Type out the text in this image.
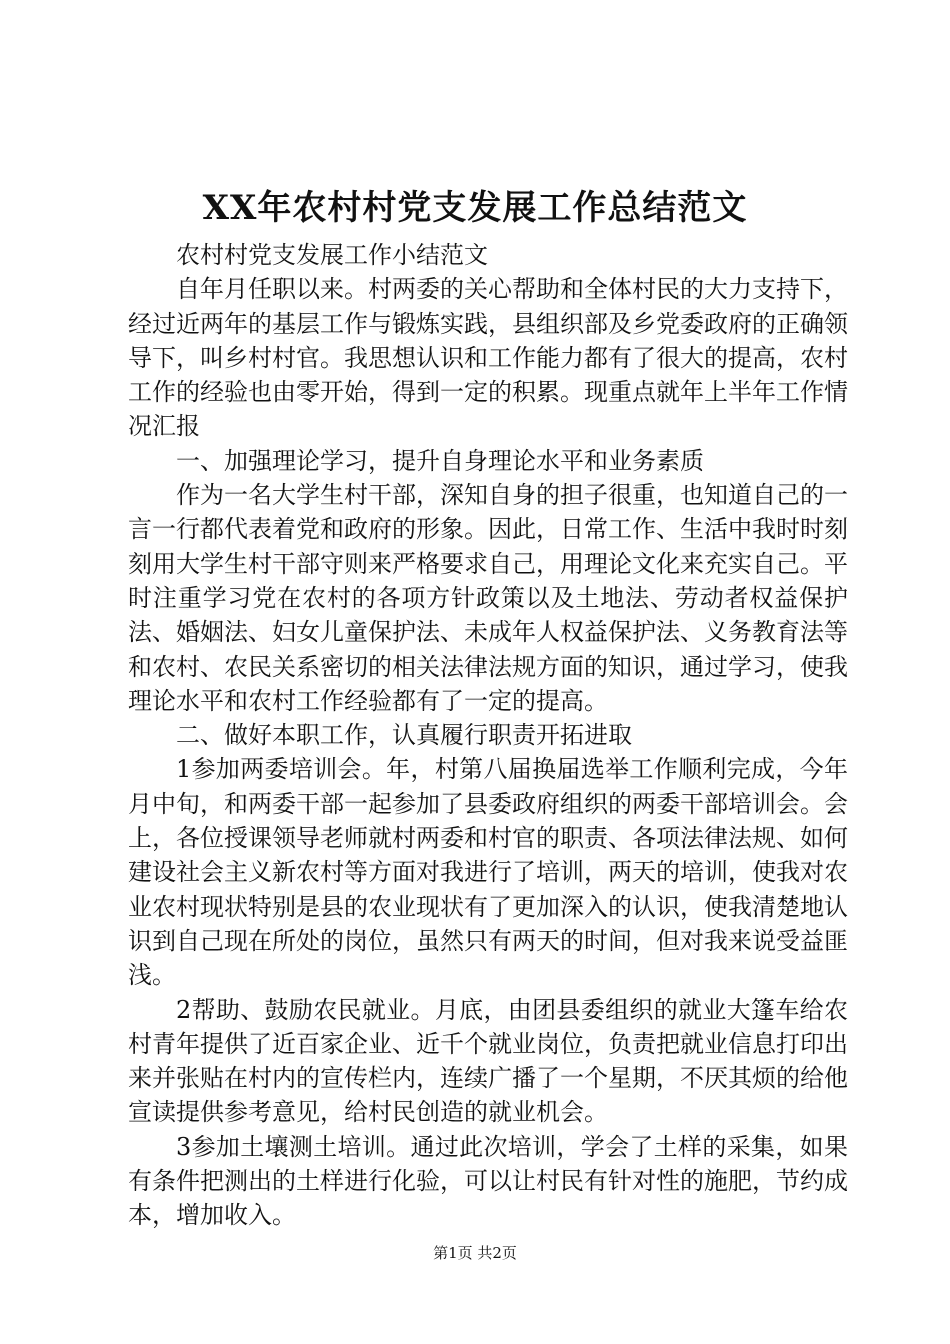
XX年农村村党支发展工作总结范文

农村村党支发展工作小结范文

自年月任职以来。村两委的关心帮助和全体村民的大力支持下，经过近两年的基层工作与锻炼实践，县组织部及乡党委政府的正确领导下，叫乡村村官。我思想认识和工作能力都有了很大的提高，农村工作的经验也由零开始，得到一定的积累。现重点就年上半年工作情况汇报

一、加强理论学习，提升自身理论水平和业务素质

作为一名大学生村干部，深知自身的担子很重，也知道自己的一言一行都代表着党和政府的形象。因此，日常工作、生活中我时时刻刻用大学生村干部守则来严格要求自己，用理论文化来充实自己。平时注重学习党在农村的各项方针政策以及土地法、劳动者权益保护法、婚姻法、妇女儿童保护法、未成年人权益保护法、义务教育法等和农村、农民关系密切的相关法律法规方面的知识，通过学习，使我理论水平和农村工作经验都有了一定的提高。

二、做好本职工作，认真履行职责开拓进取

1参加两委培训会。年，村第八届换届选举工作顺利完成，今年月中旬，和两委干部一起参加了县委政府组织的两委干部培训会。会上，各位授课领导老师就村两委和村官的职责、各项法律法规、如何建设社会主义新农村等方面对我进行了培训，两天的培训，使我对农业农村现状特别是县的农业现状有了更加深入的认识，使我清楚地认识到自己现在所处的岗位，虽然只有两天的时间，但对我来说受益匪浅。

2帮助、鼓励农民就业。月底，由团县委组织的就业大篷车给农村青年提供了近百家企业、近千个就业岗位，负责把就业信息打印出来并张贴在村内的宣传栏内，连续广播了一个星期，不厌其烦的给他宣读提供参考意见，给村民创造的就业机会。

3参加土壤测土培训。通过此次培训，学会了土样的采集，如果有条件把测出的土样进行化验，可以让村民有针对性的施肥，节约成本，增加收入。

第1页 共2页
